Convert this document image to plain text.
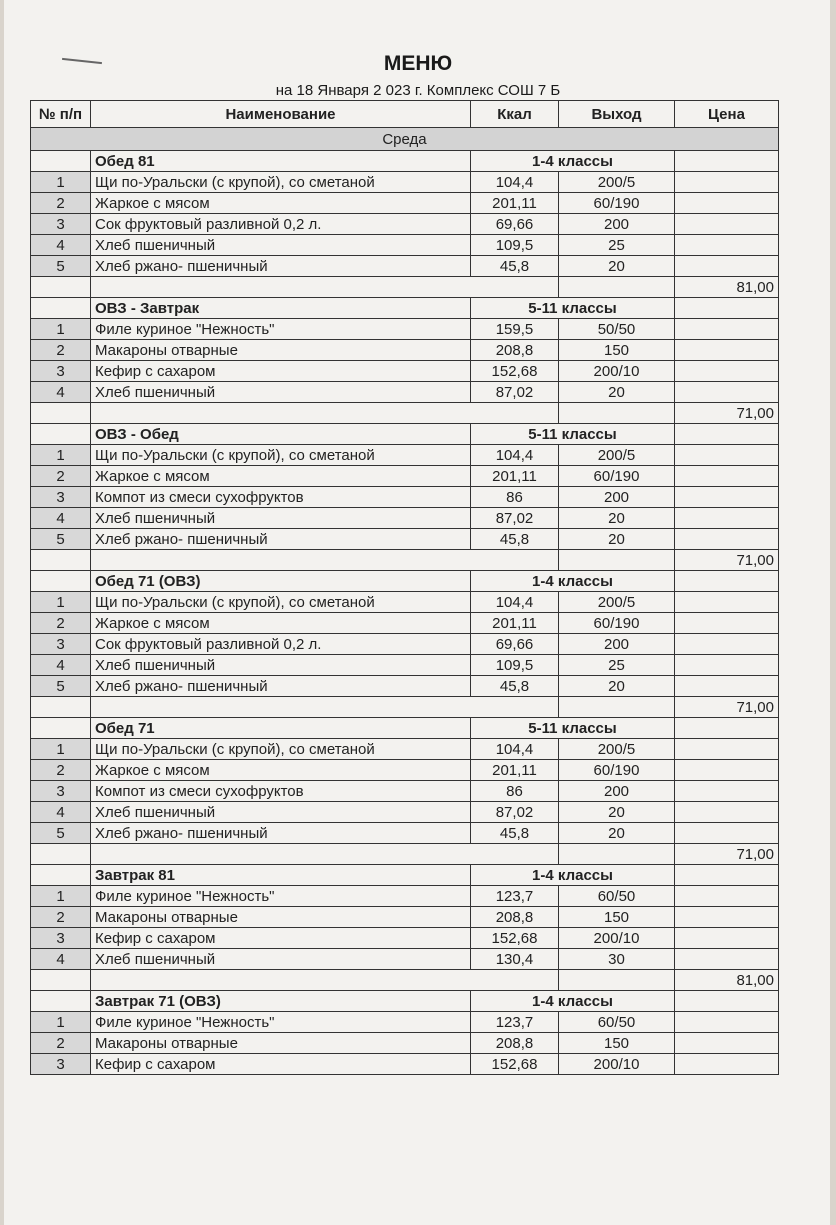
МЕНЮ
на 18 Января 2 023 г. Комплекс СОШ 7 Б
№ п/п	Наименование	Ккал	Выход	Цена
Среда				
	Обед 81	1-4 классы		
1	Щи по-Уральски (с крупой), со сметаной	104,4	200/5	
2	Жаркое с мясом	201,11	60/190	
3	Сок фруктовый разливной 0,2 л.	69,66	200	
4	Хлеб пшеничный	109,5	25	
5	Хлеб ржано- пшеничный	45,8	20	
				81,00
	ОВЗ - Завтрак	5-11 классы		
1	Филе куриное "Нежность"	159,5	50/50	
2	Макароны отварные	208,8	150	
3	Кефир с сахаром	152,68	200/10	
4	Хлеб пшеничный	87,02	20	
				71,00
	ОВЗ - Обед	5-11 классы		
1	Щи по-Уральски (с крупой), со сметаной	104,4	200/5	
2	Жаркое с мясом	201,11	60/190	
3	Компот из смеси сухофруктов	86	200	
4	Хлеб пшеничный	87,02	20	
5	Хлеб ржано- пшеничный	45,8	20	
				71,00
	Обед 71 (ОВЗ)	1-4 классы		
1	Щи по-Уральски (с крупой), со сметаной	104,4	200/5	
2	Жаркое с мясом	201,11	60/190	
3	Сок фруктовый разливной 0,2 л.	69,66	200	
4	Хлеб пшеничный	109,5	25	
5	Хлеб ржано- пшеничный	45,8	20	
				71,00
	Обед 71	5-11 классы		
1	Щи по-Уральски (с крупой), со сметаной	104,4	200/5	
2	Жаркое с мясом	201,11	60/190	
3	Компот из смеси сухофруктов	86	200	
4	Хлеб пшеничный	87,02	20	
5	Хлеб ржано- пшеничный	45,8	20	
				71,00
	Завтрак 81	1-4 классы		
1	Филе куриное "Нежность"	123,7	60/50	
2	Макароны отварные	208,8	150	
3	Кефир с сахаром	152,68	200/10	
4	Хлеб пшеничный	130,4	30	
				81,00
	Завтрак 71 (ОВЗ)	1-4 классы		
1	Филе куриное "Нежность"	123,7	60/50	
2	Макароны отварные	208,8	150	
3	Кефир с сахаром	152,68	200/10	
